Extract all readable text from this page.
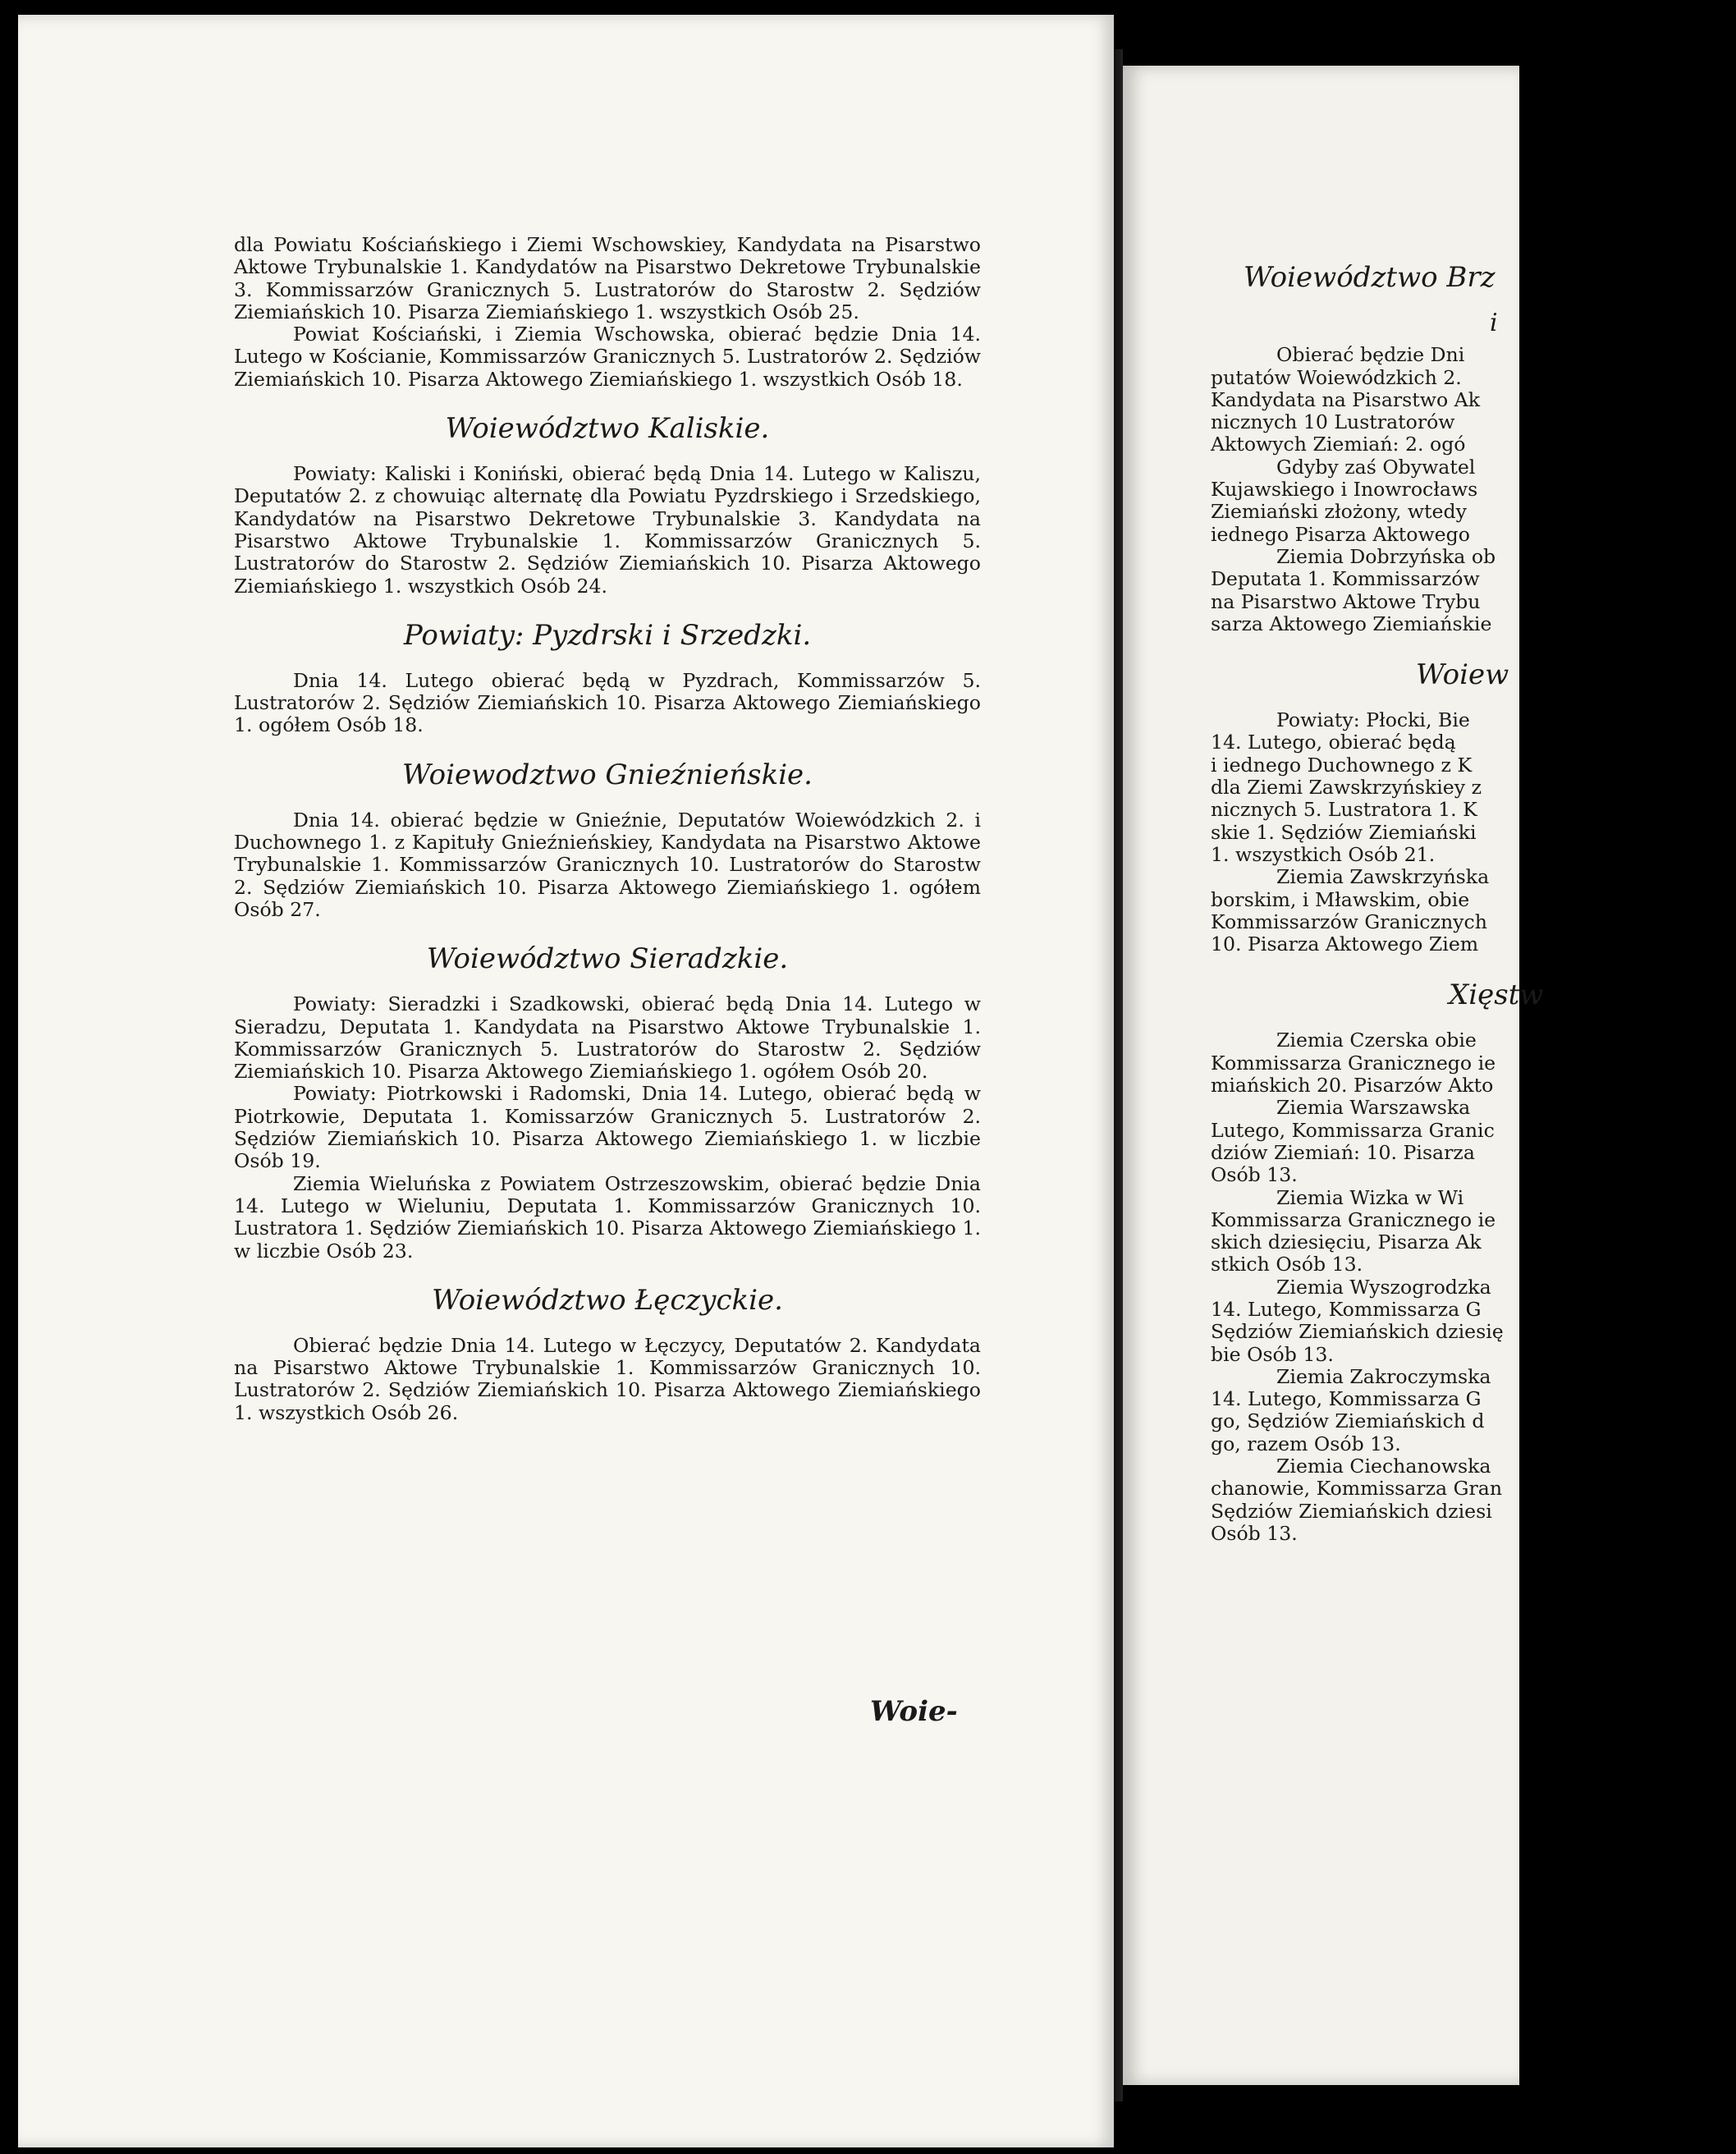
dla Powiatu Kościańskiego i Ziemi Wschowskiey, Kandydata na Pisarstwo Aktowe Trybunalskie 1. Kandydatów na Pisarstwo Dekretowe Trybunalskie 3. Kommissarzów Granicznych 5. Lustratorów do Starostw 2. Sędziów Ziemiańskich 10. Pisarza Ziemiańskiego 1. wszystkich Osób 25.

Powiat Kościański, i Ziemia Wschowska, obierać będzie Dnia 14. Lutego w Kościanie, Kommissarzów Granicznych 5. Lustratorów 2. Sędziów Ziemiańskich 10. Pisarza Aktowego Ziemiańskiego 1. wszystkich Osób 18.

Woiewództwo Kaliskie.

Powiaty: Kaliski i Koniński, obierać będą Dnia 14. Lutego w Kaliszu, Deputatów 2. z chowuiąc alternatę dla Powiatu Pyzdrskiego i Srzedskiego, Kandydatów na Pisarstwo Dekretowe Trybunalskie 3. Kandydata na Pisarstwo Aktowe Trybunalskie 1. Kommissarzów Granicznych 5. Lustratorów do Starostw 2. Sędziów Ziemiańskich 10. Pisarza Aktowego Ziemiańskiego 1. wszystkich Osób 24.

Powiaty: Pyzdrski i Srzedzki.

Dnia 14. Lutego obierać będą w Pyzdrach, Kommissarzów 5. Lustratorów 2. Sędziów Ziemiańskich 10. Pisarza Aktowego Ziemiańskiego 1. ogółem Osób 18.

Woiewodztwo Gnieźnieńskie.

Dnia 14. obierać będzie w Gnieźnie, Deputatów Woiewódzkich 2. i Duchownego 1. z Kapituły Gnieźnieńskiey, Kandydata na Pisarstwo Aktowe Trybunalskie 1. Kommissarzów Granicznych 10. Lustratorów do Starostw 2. Sędziów Ziemiańskich 10. Pisarza Aktowego Ziemiańskiego 1. ogółem Osób 27.

Woiewództwo Sieradzkie.

Powiaty: Sieradzki i Szadkowski, obierać będą Dnia 14. Lutego w Sieradzu, Deputata 1. Kandydata na Pisarstwo Aktowe Trybunalskie 1. Kommissarzów Granicznych 5. Lustratorów do Starostw 2. Sędziów Ziemiańskich 10. Pisarza Aktowego Ziemiańskiego 1. ogółem Osób 20.

Powiaty: Piotrkowski i Radomski, Dnia 14. Lutego, obierać będą w Piotrkowie, Deputata 1. Komissarzów Granicznych 5. Lustratorów 2. Sędziów Ziemiańskich 10. Pisarza Aktowego Ziemiańskiego 1. w liczbie Osób 19.

Ziemia Wieluńska z Powiatem Ostrzeszowskim, obierać będzie Dnia 14. Lutego w Wieluniu, Deputata 1. Kommissarzów Granicznych 10. Lustratora 1. Sędziów Ziemiańskich 10. Pisarza Aktowego Ziemiańskiego 1. w liczbie Osób 23.

Woiewództwo Łęczyckie.

Obierać będzie Dnia 14. Lutego w Łęczycy, Deputatów 2. Kandydata na Pisarstwo Aktowe Trybunalskie 1. Kommissarzów Granicznych 10. Lustratorów 2. Sędziów Ziemiańskich 10. Pisarza Aktowego Ziemiańskiego 1. wszystkich Osób 26.

Woie-
Woiewództwo Brz

i

Obierać będzie Dni

putatów Woiewódzkich 2.

Kandydata na Pisarstwo Ak

nicznych 10 Lustratorów

Aktowych Ziemiań: 2. ogó

Gdyby zaś Obywatel

Kujawskiego i Inowrocławs

Ziemiański złożony, wtedy

iednego Pisarza Aktowego

Ziemia Dobrzyńska ob

Deputata 1. Kommissarzów

na Pisarstwo Aktowe Trybu

sarza Aktowego Ziemiańskie

Woiew

Powiaty: Płocki, Bie

14. Lutego, obierać będą

i iednego Duchownego z K

dla Ziemi Zawskrzyńskiey z

nicznych 5. Lustratora 1. K

skie 1. Sędziów Ziemiański

1. wszystkich Osób 21.

Ziemia Zawskrzyńska

borskim, i Mławskim, obie

Kommissarzów Granicznych

10. Pisarza Aktowego Ziem

Xięstw

Ziemia Czerska obie

Kommissarza Granicznego ie

miańskich 20. Pisarzów Akto

Ziemia Warszawska

Lutego, Kommissarza Granic

dziów Ziemiań: 10. Pisarza

Osób 13.

Ziemia Wizka w Wi

Kommissarza Granicznego ie

skich dziesięciu, Pisarza Ak

stkich Osób 13.

Ziemia Wyszogrodzka

14. Lutego, Kommissarza G

Sędziów Ziemiańskich dziesię

bie Osób 13.

Ziemia Zakroczymska

14. Lutego, Kommissarza G

go, Sędziów Ziemiańskich d

go, razem Osób 13.

Ziemia Ciechanowska

chanowie, Kommissarza Gran

Sędziów Ziemiańskich dziesi

Osób 13.
